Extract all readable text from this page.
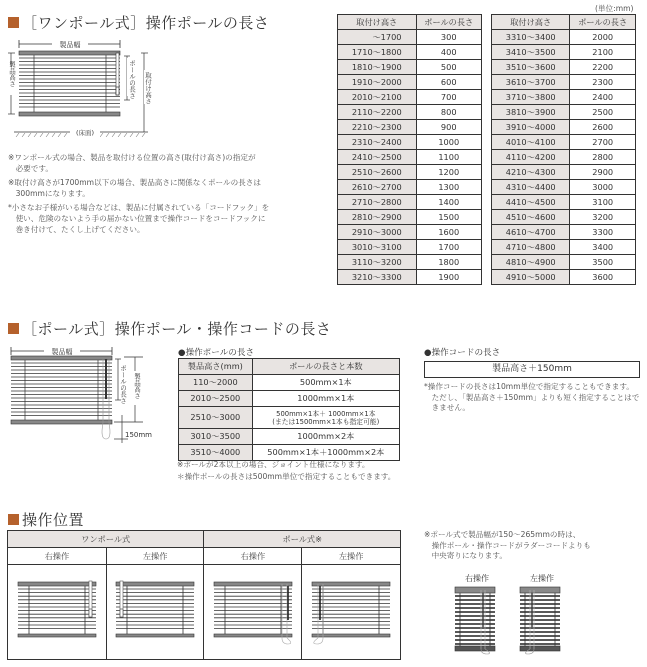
［ワンポール式］操作ポールの長さ
製品幅
製品高さ	ポールの長さ 取付け高さ
(床面)
※ワンポール式の場合、製品を取付ける位置の高さ(取付け高さ)の指定が
　必要です。
※取付け高さが1700mm以下の場合、製品高さに関係なくポールの長さは
　300mmになります。
*小さなお子様がいる場合などは、製品に付属されている「コードフック」を
　使い、危険のないよう手の届かない位置まで操作コードをコードフックに
　巻き付けて、たくし上げてください。
(単位:mm)
取付け高さ	ポールの長さ
～1700	300
1710～1800	400
1810～1900	500
1910～2000	600
2010～2100	700
2110～2200	800
2210～2300	900
2310～2400	1000
2410～2500	1100
2510～2600	1200
2610～2700	1300
2710～2800	1400
2810～2900	1500
2910～3000	1600
3010～3100	1700
3110～3200	1800
3210～3300	1900
取付け高さ	ポールの長さ
3310～3400	2000
3410～3500	2100
3510～3600	2200
3610～3700	2300
3710～3800	2400
3810～3900	2500
3910～4000	2600
4010～4100	2700
4110～4200	2800
4210～4300	2900
4310～4400	3000
4410～4500	3100
4510～4600	3200
4610～4700	3300
4710～4800	3400
4810～4900	3500
4910～5000	3600
［ポール式］操作ポール・操作コードの長さ
製品幅
ポールの長さ 製品高さ
150mm
●操作ポールの長さ
製品高さ(mm)	ポールの長さと本数
110～2000	500mm×1本
2010～2500	1000mm×1本
2510～3000	500mm×1本＋ 1000mm×1本
(または1500mm×1本も指定可能)

3010～3500	1000mm×2本
3510～4000	500mm×1本＋1000mm×2本
※ポールが2本以上の場合、ジョイント仕様になります。
＊操作ポールの長さは500mm単位で指定することもできます。
●操作コードの長さ
製品高さ＋150mm
*操作コードの長さは10mm単位で指定することもできます。
　ただし、「製品高さ＋150mm」よりも短く指定することはで
　きません。
操作位置
ワンポール式		ポール式※	
右操作	左操作	右操作	左操作

※ポール式で製品幅が150～265mmの時は、
　操作ポール・操作コードがラダーコードよりも
　中央寄りになります。
右操作	左操作
